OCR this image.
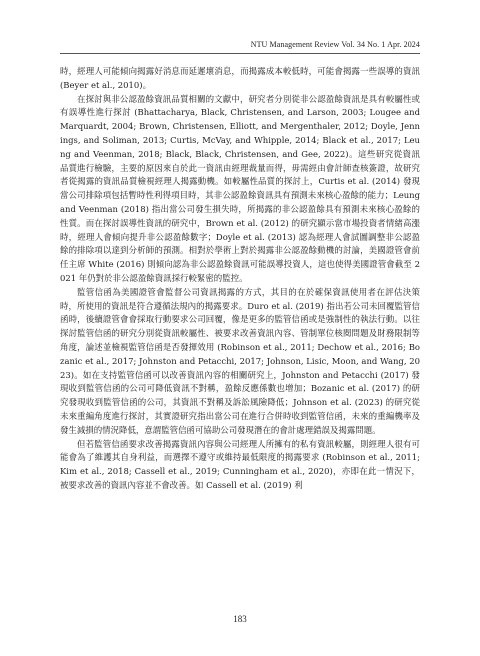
NTU Management Review Vol. 34 No. 1 Apr. 2024

時，經理人可能傾向揭露好消息而延遲壞消息，而揭露成本較低時，可能會揭露一些誤導的資訊 (Beyer et al., 2010)。

在探討與非公認盈餘資訊品質相關的文獻中，研究者分別從非公認盈餘資訊是具有較屬性或有誤導性進行探討 (Bhattacharya, Black, Christensen, and Larson, 2003; Lougee and Marquardt, 2004; Brown, Christensen, Elliott, and Mergenthaler, 2012; Doyle, Jennings, and Soliman, 2013; Curtis, McVay, and Whipple, 2014; Black et al., 2017; Leung and Veenman, 2018; Black, Black, Christensen, and Gee, 2022)。這些研究從資訊品質進行檢驗，主要的原因來自於此一資訊由經理裁量而得，毋需經由會計師查核簽證，故研究者從揭露的資訊品質檢視經理人揭露動機。如較屬性品質的探討上，Curtis et al. (2014) 發現當公司排除項包括暫時性利得項目時，其非公認盈餘資訊具有預測未來核心盈餘的能力；Leung and Veenman (2018) 指出當公司發生損失時，所揭露的非公認盈餘具有預測未來核心盈餘的性質。而在探討誤導性資訊的研究中，Brown et al. (2012) 的研究顯示當市場投資者情緒高漲時，經理人會傾向提升非公認盈餘數字；Doyle et al. (2013) 認為經理人會試圖調整非公認盈餘的排除項以達到分析師的預測。相對於學術上對於揭露非公認盈餘動機的討論，美國證管會前任主席 White (2016) 則傾向認為非公認盈餘資訊可能誤導投資人，這也使得美國證管會截至 2021 年仍對於非公認盈餘資訊採行較緊密的監控。

監管信函為美國證管會監督公司資訊揭露的方式，其目的在於確保資訊使用者在評估決策時，所使用的資訊是符合遵循法規內的揭露要求。Duro et al. (2019) 指出若公司未回覆監管信函時，後續證管會會採取行動要求公司回覆，像是更多的監管信函或是強制性的執法行動。以往探討監管信函的研究分別從資訊較屬性、被要求改善資訊內容、管制單位核閱問題及財務限制等角度，論述並檢視監管信函是否發揮效用 (Robinson et al., 2011; Dechow et al., 2016; Bozanic et al., 2017; Johnston and Petacchi, 2017; Johnson, Lisic, Moon, and Wang, 2023)。如在支持監管信函可以改善資訊內容的相關研究上，Johnston and Petacchi (2017) 發現收到監管信函的公司可降低資訊不對稱，盈餘反應係數也增加；Bozanic et al. (2017) 的研究發現收到監管信函的公司，其資訊不對稱及訴訟風險降低；Johnson et al. (2023) 的研究從未來重編角度進行探討，其實證研究指出當公司在進行合併時收到監管信函，未來的重編機率及發生減損的情況降低，意謂監管信函可協助公司發現潛在的會計處理錯誤及揭露問題。

但若監管信函要求改善揭露資訊內容與公司經理人所擁有的私有資訊較屬，則經理人很有可能會為了維護其自身利益，而選擇不遵守或維持最低限度的揭露要求 (Robinson et al., 2011; Kim et al., 2018; Cassell et al., 2019; Cunningham et al., 2020)，亦即在此一情況下，被要求改善的資訊內容並不會改善。如 Cassell et al. (2019) 利

183
